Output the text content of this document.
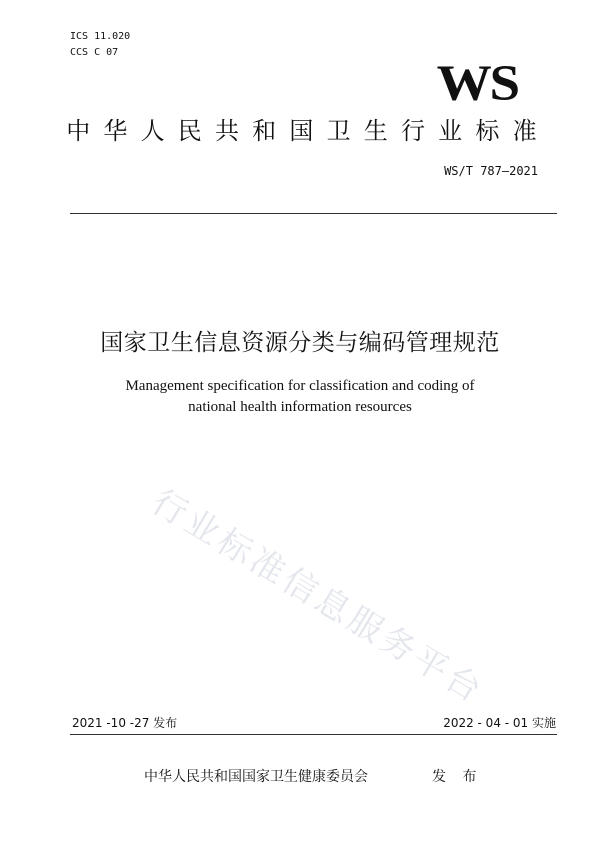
ICS 11.020
CCS C 07
WS
中华人民共和国卫生行业标准
WS/T 787—2021
国家卫生信息资源分类与编码管理规范
Management specification for classification and coding of
national health information resources
行业标准信息服务平台
2021 -10 -27 发布	2022 - 04 - 01 实施
中华人民共和国国家卫生健康委员会	发 布
